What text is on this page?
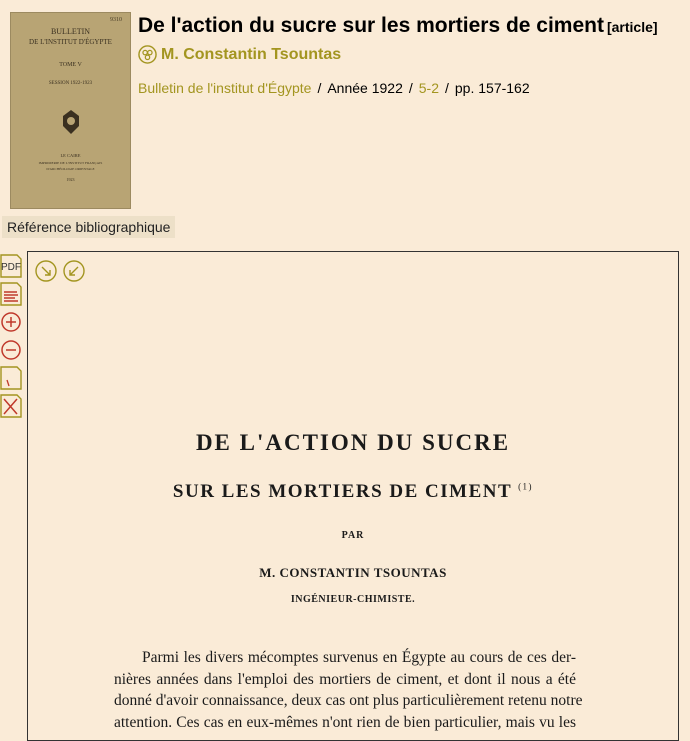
9310
BULLETIN
DE L'INSTITUT D'ÉGYPTE
TOME V
SESSION 1922-1923
LE CAIRE
IMPRIMERIE DE L'INSTITUT FRANÇAIS
D'ARCHÉOLOGIE ORIENTALE
1923
De l'action du sucre sur les mortiers de ciment [article]
M. Constantin Tsountas
Bulletin de l'institut d'Égypte / Année 1922 / 5-2 / pp. 157-162
Référence bibliographique
PDF
DE L'ACTION DU SUCRE
SUR LES MORTIERS DE CIMENT $^{(1)}$
PAR
M. CONSTANTIN TSOUNTAS
INGÉNIEUR-CHIMISTE.
Parmi les divers mécomptes survenus en Égypte au cours de ces der-
nières années dans l'emploi des mortiers de ciment, et dont il nous a été
donné d'avoir connaissance, deux cas ont plus particulièrement retenu notre
attention. Ces cas en eux-mêmes n'ont rien de bien particulier, mais vu les
